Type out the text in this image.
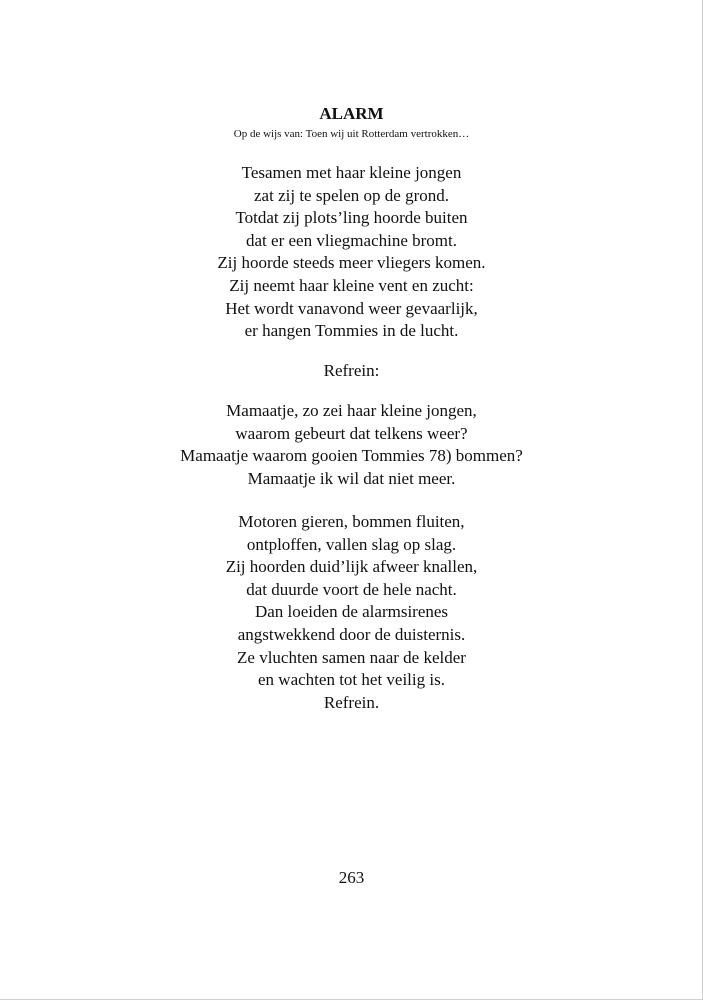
ALARM
Op de wijs van: Toen wij uit Rotterdam vertrokken…
Tesamen met haar kleine jongen
zat zij te spelen op de grond.
Totdat zij plots’ling hoorde buiten
dat er een vliegmachine bromt.
Zij hoorde steeds meer vliegers komen.
Zij neemt haar kleine vent en zucht:
Het wordt vanavond weer gevaarlijk,
er hangen Tommies in de lucht.
Refrein:
Mamaatje, zo zei haar kleine jongen,
waarom gebeurt dat telkens weer?
Mamaatje waarom gooien Tommies 78) bommen?
Mamaatje ik wil dat niet meer.
Motoren gieren, bommen fluiten,
ontploffen, vallen slag op slag.
Zij hoorden duid’lijk afweer knallen,
dat duurde voort de hele nacht.
Dan loeiden de alarmsirenes
angstwekkend door de duisternis.
Ze vluchten samen naar de kelder
en wachten tot het veilig is.
Refrein.
263
